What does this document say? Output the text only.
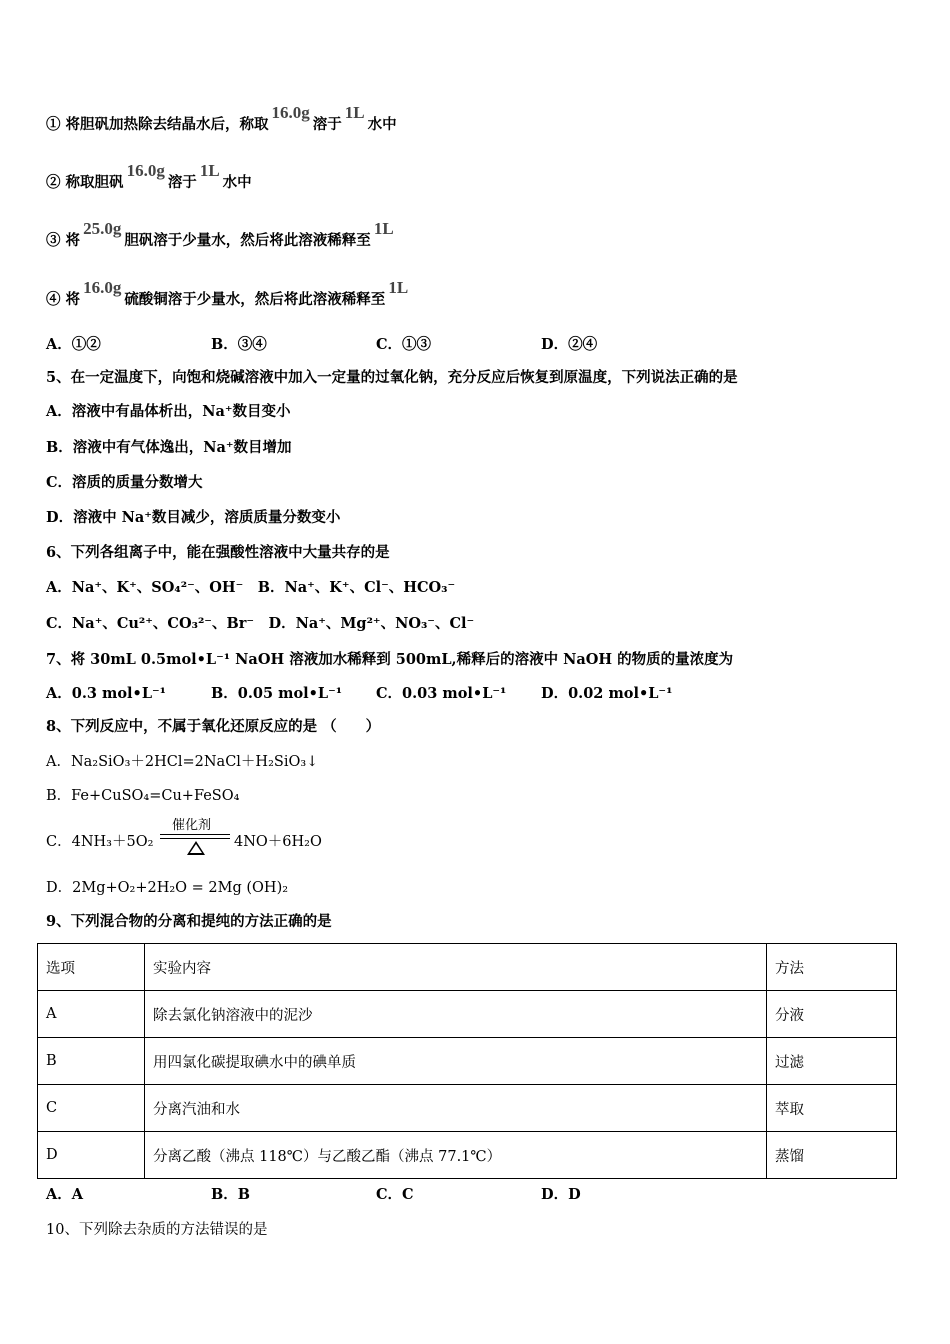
① 将胆矾加热除去结晶水后，称取16.0g溶于1L水中
② 称取胆矾16.0g溶于1L水中
③ 将25.0g胆矾溶于少量水，然后将此溶液稀释至1L
④ 将16.0g硫酸铜溶于少量水，然后将此溶液稀释至1L
A．①②	B．③④	C．①③	D．②④
5、在一定温度下，向饱和烧碱溶液中加入一定量的过氧化钠，充分反应后恢复到原温度，下列说法正确的是
A．溶液中有晶体析出，Na⁺数目变小
B．溶液中有气体逸出，Na⁺数目增加
C．溶质的质量分数增大
D．溶液中 Na⁺数目减少，溶质质量分数变小
6、下列各组离子中，能在强酸性溶液中大量共存的是
A．Na⁺、K⁺、SO₄²⁻、OH⁻　B．Na⁺、K⁺、Cl⁻、HCO₃⁻
C．Na⁺、Cu²⁺、CO₃²⁻、Br⁻　D．Na⁺、Mg²⁺、NO₃⁻、Cl⁻
7、将 30mL 0.5mol•L⁻¹ NaOH 溶液加水稀释到 500mL,稀释后的溶液中 NaOH 的物质的量浓度为
A．0.3 mol•L⁻¹	B．0.05 mol•L⁻¹ C．0.03 mol•L⁻¹ D．0.02 mol•L⁻¹
8、下列反应中，不属于氧化还原反应的是 （　　）
A．Na₂SiO₃＋2HCl=2NaCl＋H₂SiO₃↓
B．Fe+CuSO₄=Cu+FeSO₄
C．4NH₃＋5O₂
催化剂
4NO＋6H₂O
D．2Mg+O₂+2H₂O = 2Mg (OH)₂
9、下列混合物的分离和提纯的方法正确的是
选项	实验内容	方法
A	除去氯化钠溶液中的泥沙	分液
B	用四氯化碳提取碘水中的碘单质	过滤
C	分离汽油和水	萃取
D	分离乙酸（沸点 118℃）与乙酸乙酯（沸点 77.1℃）	蒸馏
A．A	B．B	C．C	D．D
10、下列除去杂质的方法错误的是
